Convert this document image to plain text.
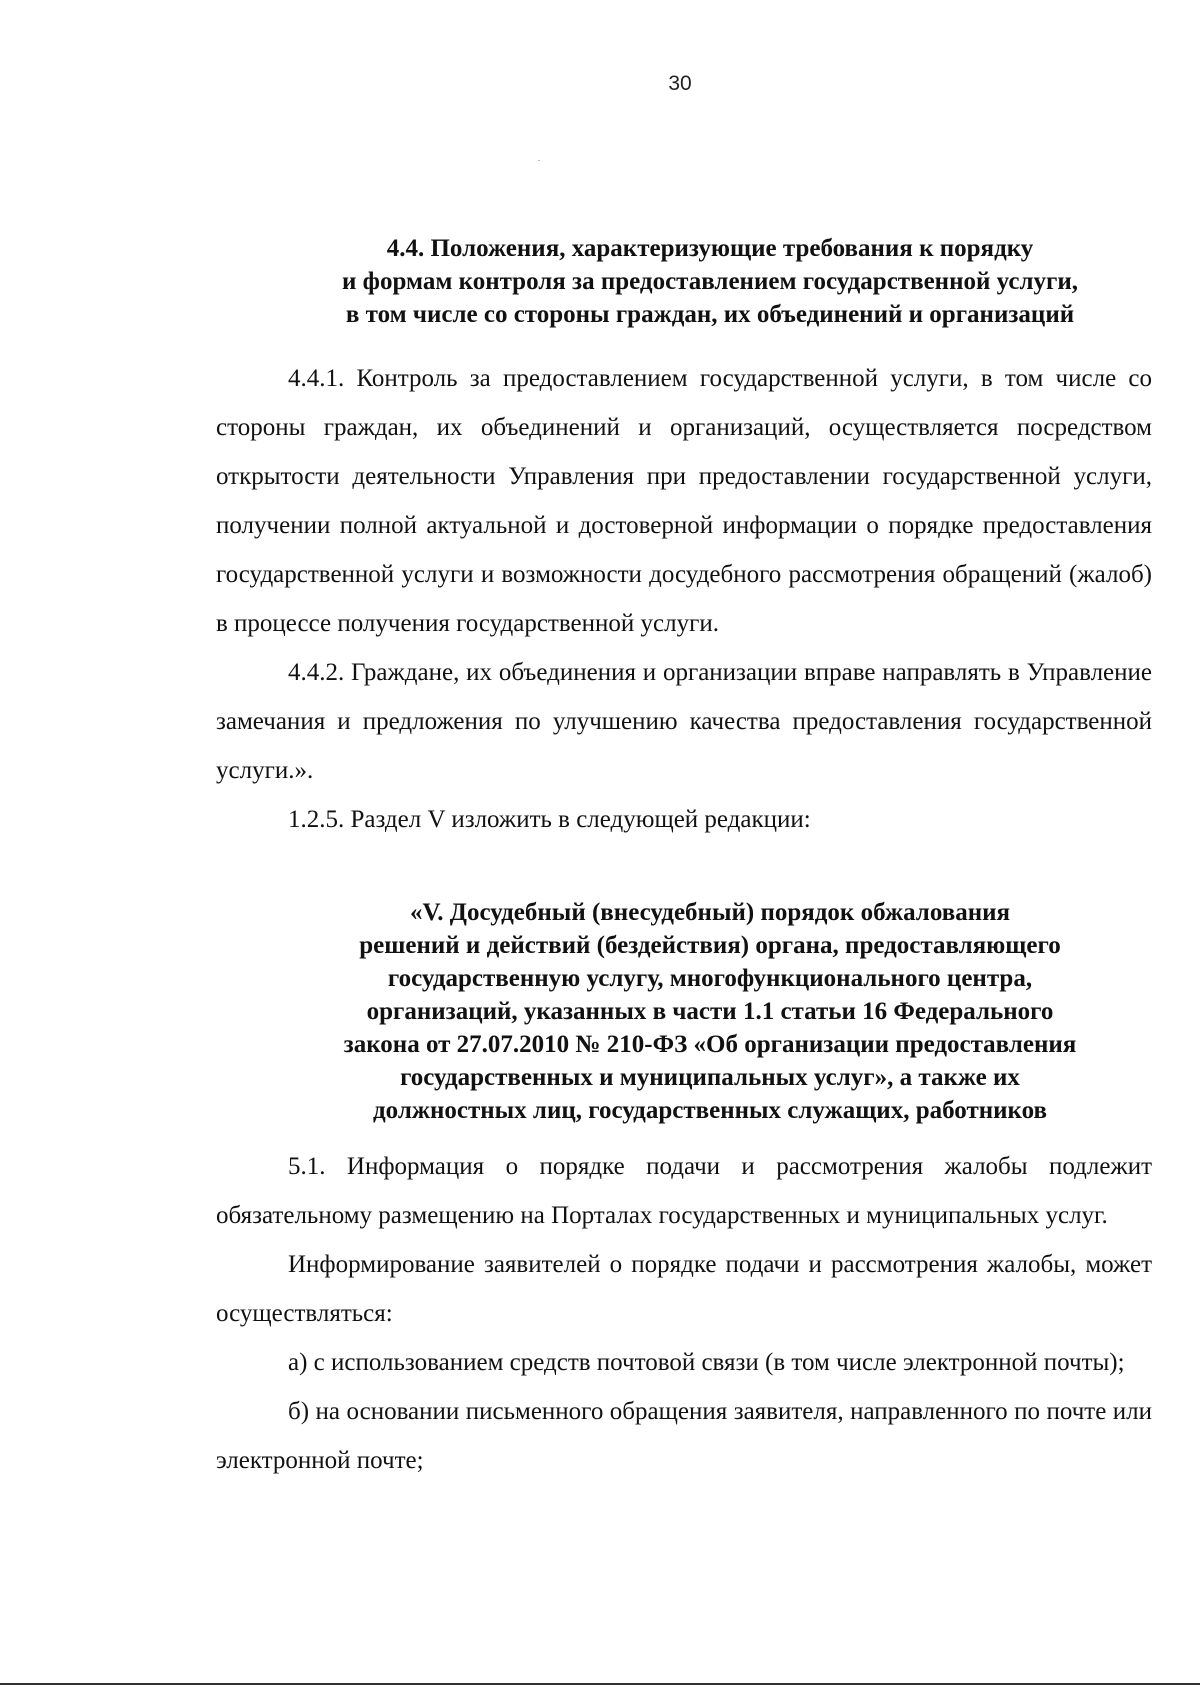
30
4.4. Положения, характеризующие требования к порядку
и формам контроля за предоставлением государственной услуги,
в том числе со стороны граждан, их объединений и организаций

4.4.1. Контроль за предоставлением государственной услуги, в том числе со стороны граждан, их объединений и организаций, осуществляется посредством открытости деятельности Управления при предоставлении государственной услуги, получении полной актуальной и достоверной информации о порядке предоставления государственной услуги и возможности досудебного рассмотрения обращений (жалоб) в процессе получения государственной услуги.

4.4.2. Граждане, их объединения и организации вправе направлять в Управление замечания и предложения по улучшению качества предоставления государственной услуги.».

1.2.5. Раздел V изложить в следующей редакции:

«V. Досудебный (внесудебный) порядок обжалования
решений и действий (бездействия) органа, предоставляющего
государственную услугу, многофункционального центра,
организаций, указанных в части 1.1 статьи 16 Федерального
закона от 27.07.2010 № 210-ФЗ «Об организации предоставления
государственных и муниципальных услуг», а также их
должностных лиц, государственных служащих, работников

5.1. Информация о порядке подачи и рассмотрения жалобы подлежит обязательному размещению на Порталах государственных и муниципальных услуг.

Информирование заявителей о порядке подачи и рассмотрения жалобы, может осуществляться:

а) с использованием средств почтовой связи (в том числе электронной почты);

б) на основании письменного обращения заявителя, направленного по почте или электронной почте;
